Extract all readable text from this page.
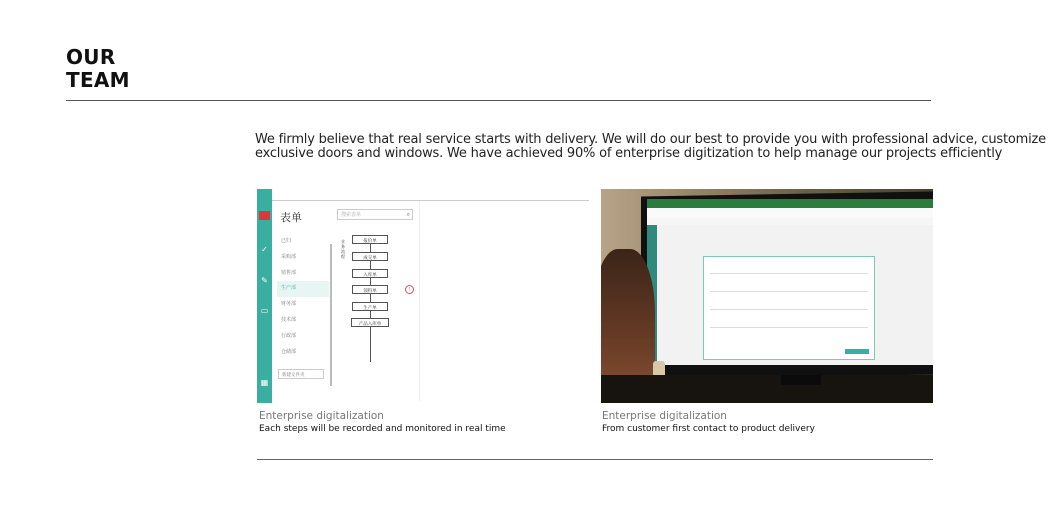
OUR
TEAM
We firmly believe that real service starts with delivery. We will do our best to provide you with professional advice, customize
exclusive doors and windows. We have achieved 90% of enterprise digitization to help manage our projects efficiently
✓
✎
▭
▦
表单	搜索表单	⌕
已归
采购部
销售部
生产部
财务部
技术部
行政部
仓储部
新建文件夹
业务流程
报价单
成交单
入库单
领料单
生产单
产品入库单
!
Enterprise digitalization
Each steps will be recorded and monitored in real time
Enterprise digitalization
From customer first contact to product delivery
